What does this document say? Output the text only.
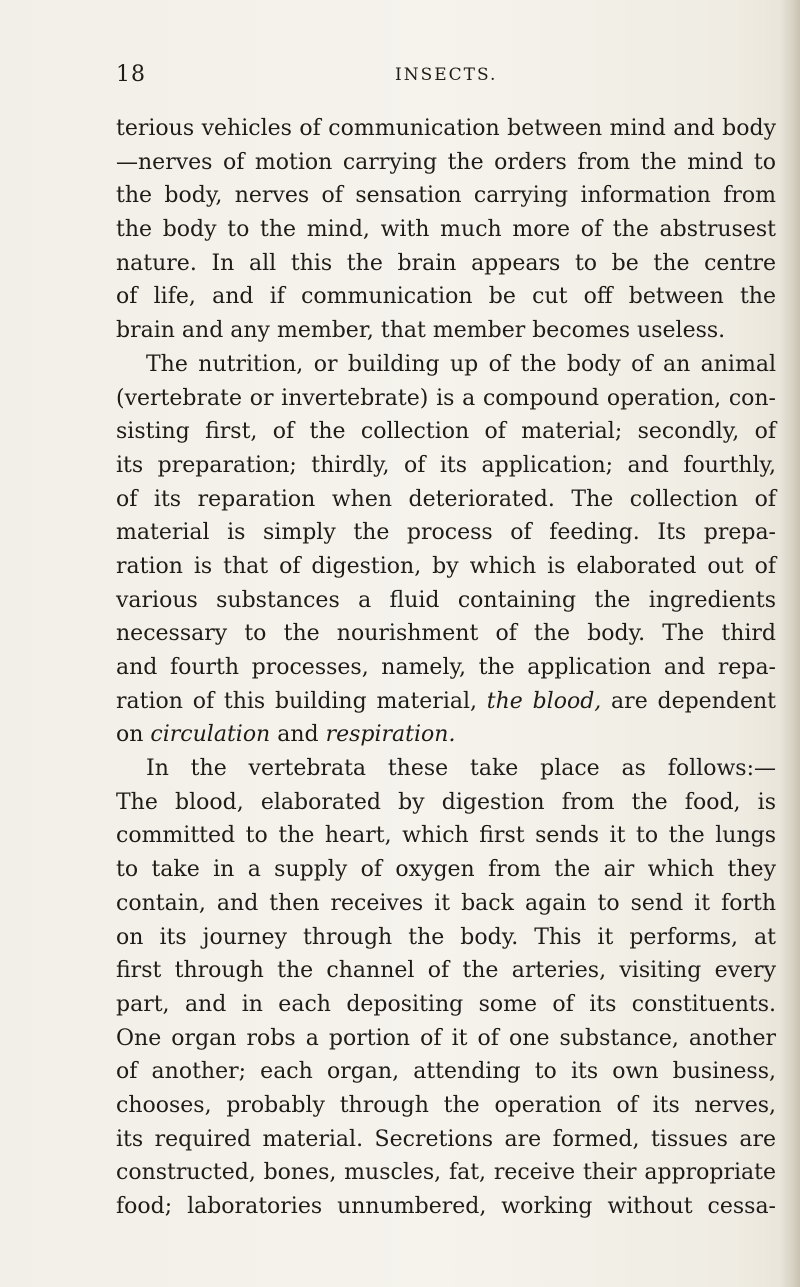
18	INSECTS.
terious vehicles of communication between mind and body
—nerves of motion carrying the orders from the mind to
the body, nerves of sensation carrying information from
the body to the mind, with much more of the abstrusest
nature. In all this the brain appears to be the centre
of life, and if communication be cut off between the
brain and any member, that member becomes useless.
The nutrition, or building up of the body of an animal
(vertebrate or invertebrate) is a compound operation, con-
sisting first, of the collection of material; secondly, of
its preparation; thirdly, of its application; and fourthly,
of its reparation when deteriorated. The collection of
material is simply the process of feeding. Its prepa-
ration is that of digestion, by which is elaborated out of
various substances a fluid containing the ingredients
necessary to the nourishment of the body. The third
and fourth processes, namely, the application and repa-
ration of this building material, the blood, are dependent
on circulation and respiration.
In the vertebrata these take place as follows:—
The blood, elaborated by digestion from the food, is
committed to the heart, which first sends it to the lungs
to take in a supply of oxygen from the air which they
contain, and then receives it back again to send it forth
on its journey through the body. This it performs, at
first through the channel of the arteries, visiting every
part, and in each depositing some of its constituents.
One organ robs a portion of it of one substance, another
of another; each organ, attending to its own business,
chooses, probably through the operation of its nerves,
its required material. Secretions are formed, tissues are
constructed, bones, muscles, fat, receive their appropriate
food; laboratories unnumbered, working without cessa-
